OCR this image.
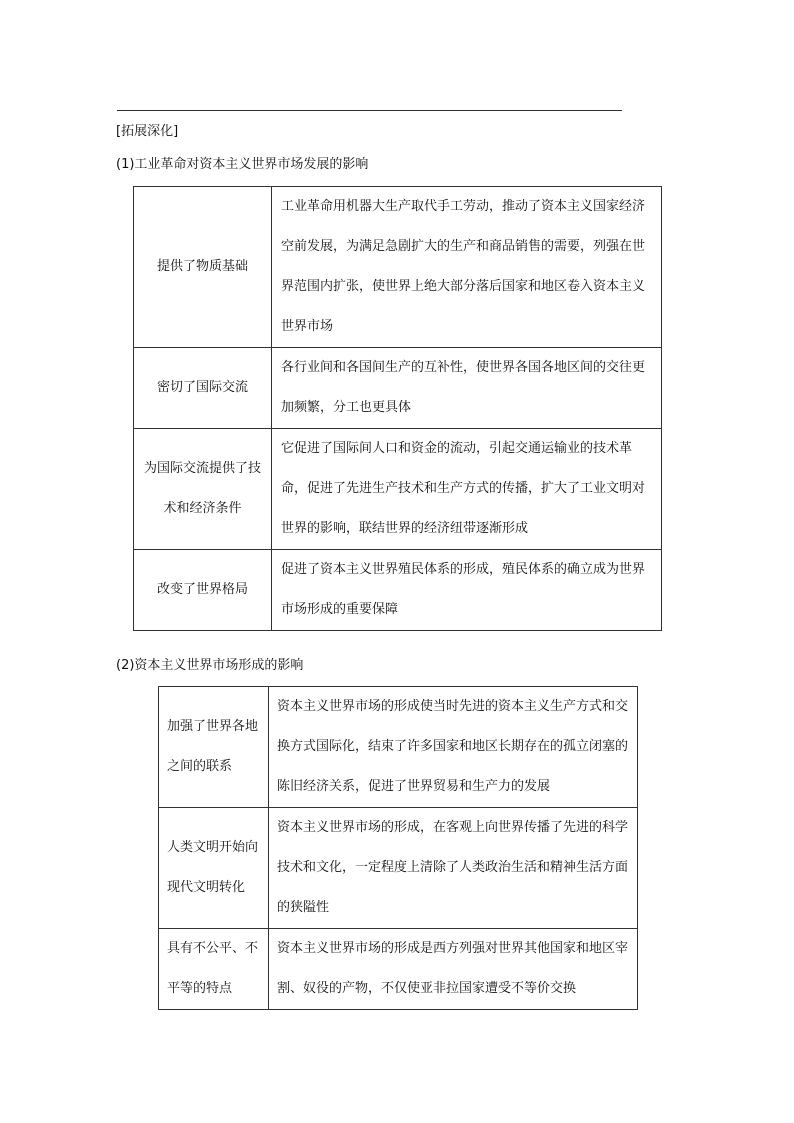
[拓展深化]
(1)工业革命对资本主义世界市场发展的影响
提供了物质基础	工业革命用机器大生产取代手工劳动，推动了资本主义国家经济空前发展，为满足急剧扩大的生产和商品销售的需要，列强在世界范围内扩张，使世界上绝大部分落后国家和地区卷入资本主义世界市场
密切了国际交流	各行业间和各国间生产的互补性，使世界各国各地区间的交往更加频繁，分工也更具体
为国际交流提供了技术和经济条件	它促进了国际间人口和资金的流动，引起交通运输业的技术革命，促进了先进生产技术和生产方式的传播，扩大了工业文明对世界的影响，联结世界的经济纽带逐渐形成
改变了世界格局	促进了资本主义世界殖民体系的形成，殖民体系的确立成为世界市场形成的重要保障
(2)资本主义世界市场形成的影响
加强了世界各地之间的联系	资本主义世界市场的形成使当时先进的资本主义生产方式和交换方式国际化，结束了许多国家和地区长期存在的孤立闭塞的陈旧经济关系，促进了世界贸易和生产力的发展
人类文明开始向现代文明转化	资本主义世界市场的形成，在客观上向世界传播了先进的科学技术和文化，一定程度上清除了人类政治生活和精神生活方面的狭隘性
具有不公平、不平等的特点	资本主义世界市场的形成是西方列强对世界其他国家和地区宰割、奴役的产物，不仅使亚非拉国家遭受不等价交换
